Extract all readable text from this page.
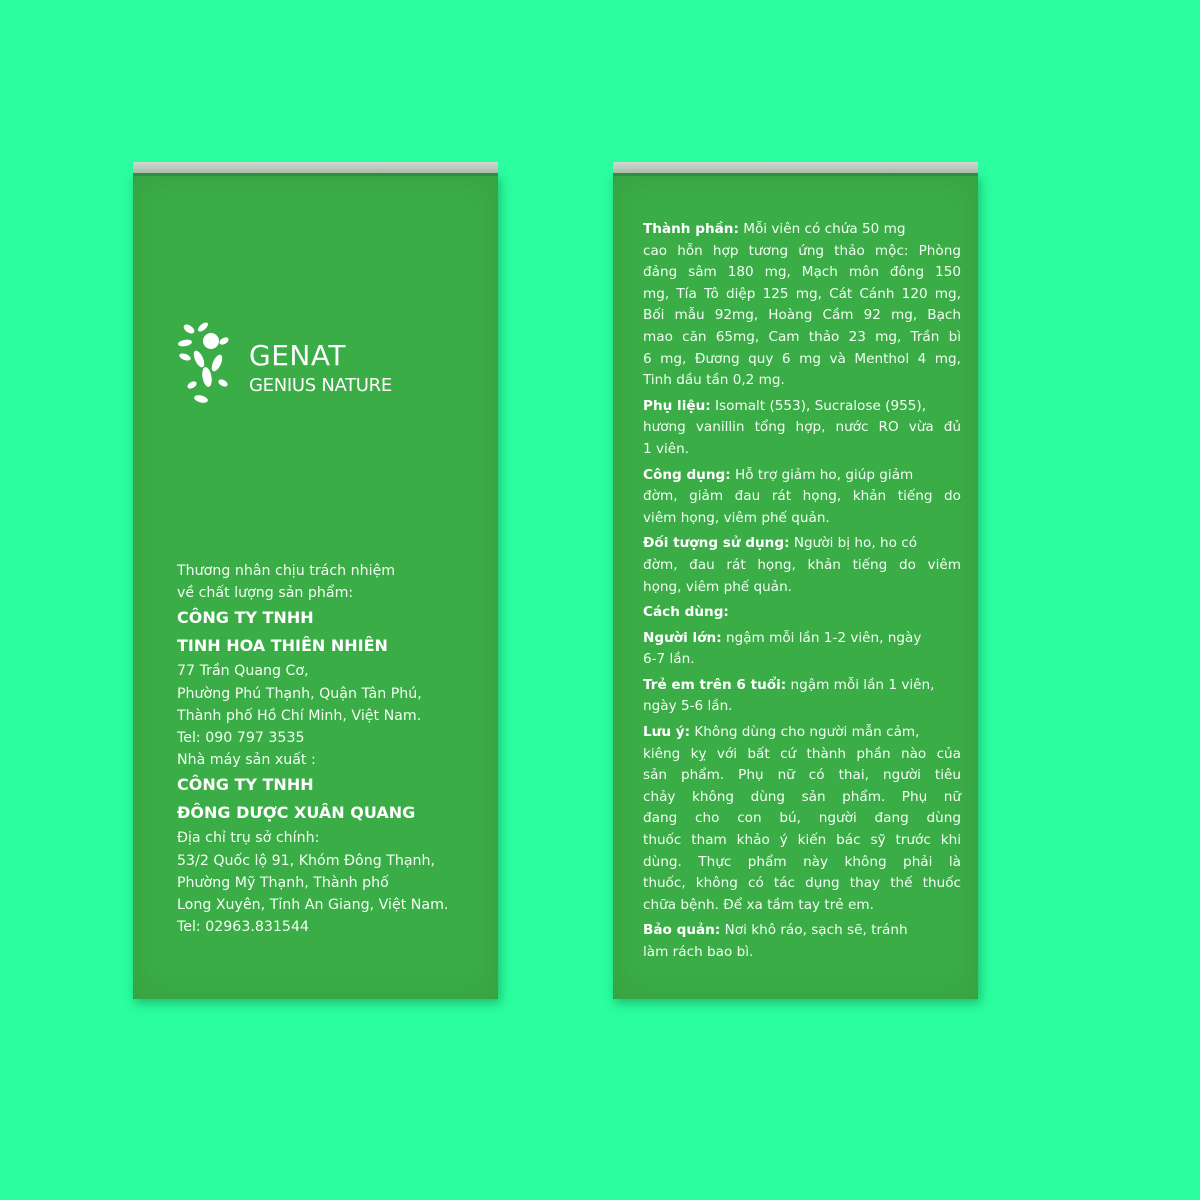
GENAT
GENIUS NATURE
Thương nhân chịu trách nhiệm
về chất lượng sản phẩm:
CÔNG TY TNHH
TINH HOA THIÊN NHIÊN
77 Trần Quang Cơ,
Phường Phú Thạnh, Quận Tân Phú,
Thành phố Hồ Chí Minh, Việt Nam.
Tel: 090 797 3535
Nhà máy sản xuất :
CÔNG TY TNHH
ĐÔNG DƯỢC XUÂN QUANG
Địa chỉ trụ sở chính:
53/2 Quốc lộ 91, Khóm Đông Thạnh,
Phường Mỹ Thạnh, Thành phố
Long Xuyên, Tỉnh An Giang, Việt Nam.
Tel: 02963.831544
Thành phần: Mỗi viên có chứa 50 mg
cao hỗn hợp tương ứng thảo mộc: Phòng
đảng sâm 180 mg, Mạch môn đông 150
mg, Tía Tô diệp 125 mg, Cát Cánh 120 mg,
Bối mẫu 92mg, Hoàng Cầm 92 mg, Bạch
mao căn 65mg, Cam thảo 23 mg, Trần bì
6 mg, Đương quy 6 mg và Menthol 4 mg,
Tinh dầu tần 0,2 mg.
Phụ liệu: Isomalt (553), Sucralose (955),
hương vanillin tổng hợp, nước RO vừa đủ
1 viên.
Công dụng: Hỗ trợ giảm ho, giúp giảm
đờm, giảm đau rát họng, khản tiếng do
viêm họng, viêm phế quản.
Đối tượng sử dụng: Người bị ho, ho có
đờm, đau rát họng, khản tiếng do viêm
họng, viêm phế quản.
Cách dùng:
Người lớn: ngậm mỗi lần 1-2 viên, ngày
6-7 lần.
Trẻ em trên 6 tuổi: ngậm mỗi lần 1 viên,
ngày 5-6 lần.
Lưu ý: Không dùng cho người mẫn cảm,
kiêng kỵ với bất cứ thành phần nào của
sản phẩm. Phụ nữ có thai, người tiêu
chảy không dùng sản phẩm. Phụ nữ
đang cho con bú, người đang dùng
thuốc tham khảo ý kiến bác sỹ trước khi
dùng. Thực phẩm này không phải là
thuốc, không có tác dụng thay thế thuốc
chữa bệnh. Để xa tầm tay trẻ em.
Bảo quản: Nơi khô ráo, sạch sẽ, tránh
làm rách bao bì.
